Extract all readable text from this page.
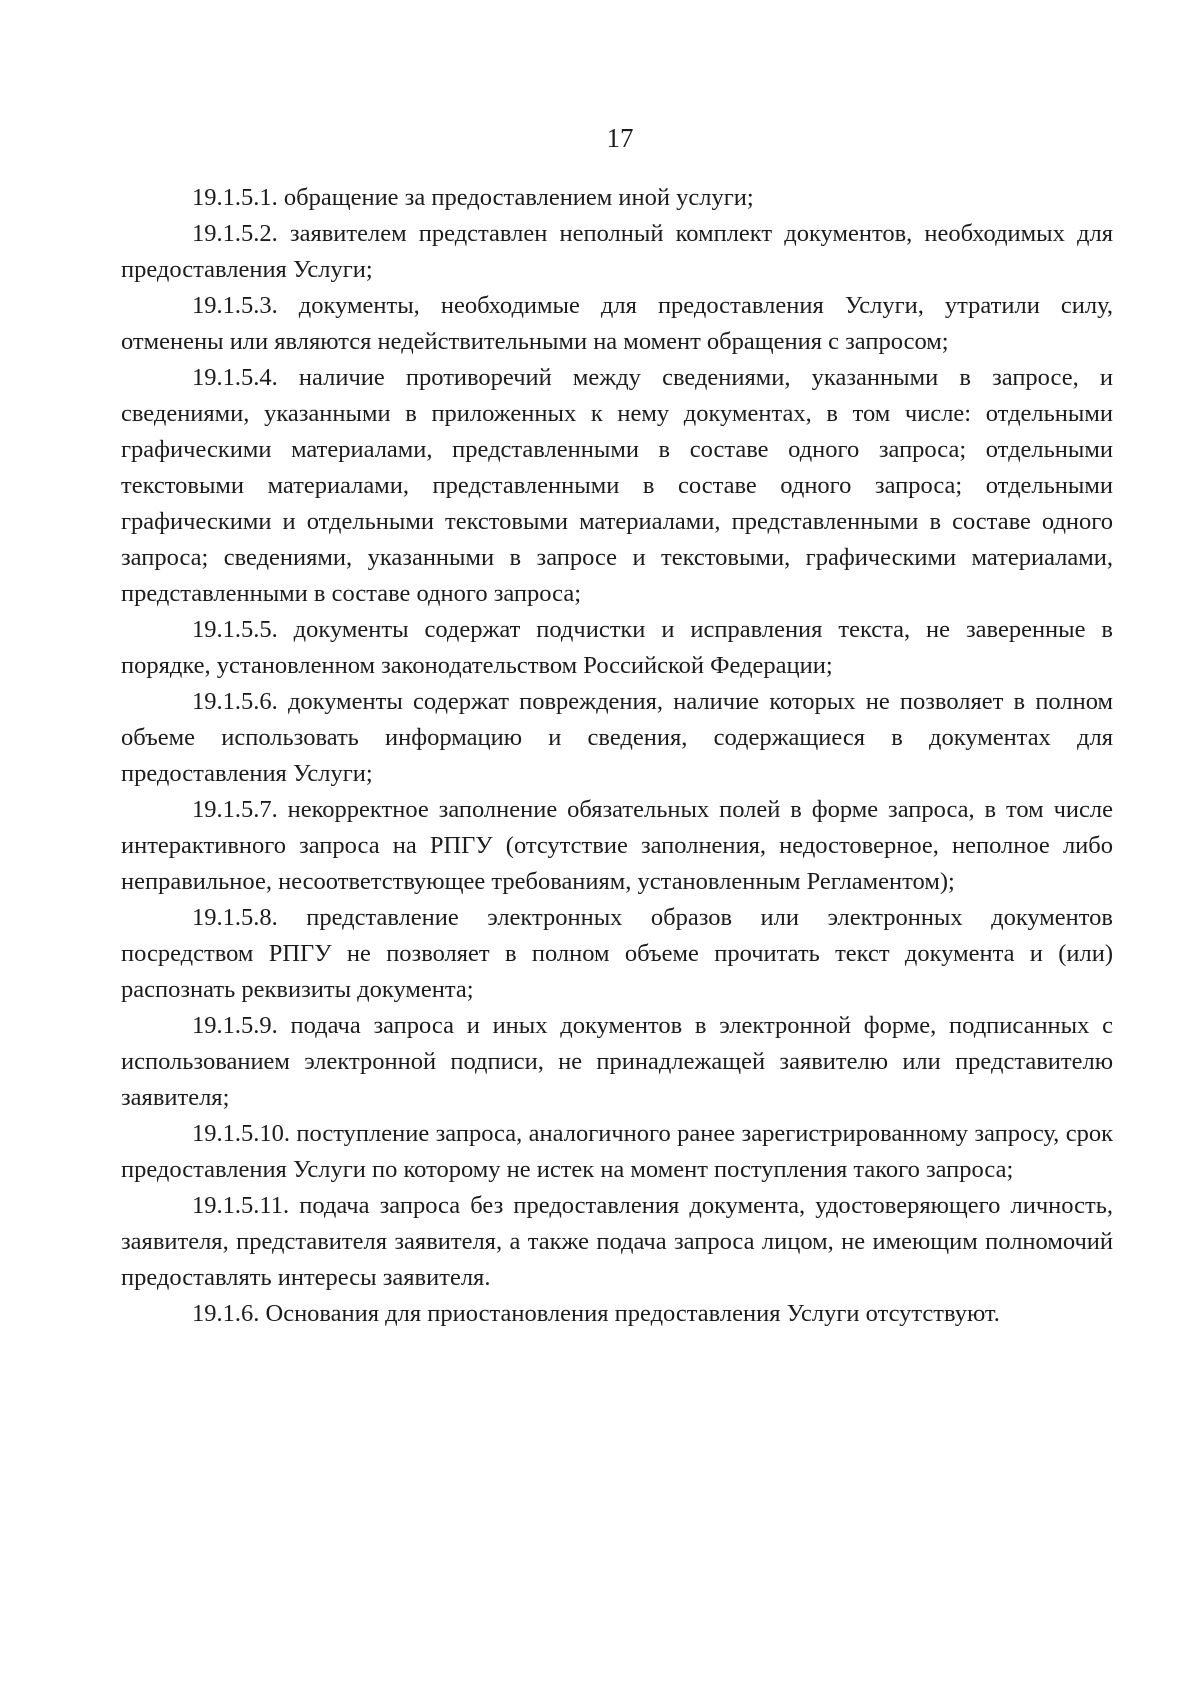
17

19.1.5.1. обращение за предоставлением иной услуги;

19.1.5.2. заявителем представлен неполный комплект документов, необходимых для предоставления Услуги;

19.1.5.3. документы, необходимые для предоставления Услуги, утратили силу, отменены или являются недействительными на момент обращения с запросом;

19.1.5.4. наличие противоречий между сведениями, указанными в запросе, и сведениями, указанными в приложенных к нему документах, в том числе: отдельными графическими материалами, представленными в составе одного запроса; отдельными текстовыми материалами, представленными в составе одного запроса; отдельными графическими и отдельными текстовыми материалами, представленными в составе одного запроса; сведениями, указанными в запросе и текстовыми, графическими материалами, представленными в составе одного запроса;

19.1.5.5. документы содержат подчистки и исправления текста, не заверенные в порядке, установленном законодательством Российской Федерации;

19.1.5.6. документы содержат повреждения, наличие которых не позволяет в полном объеме использовать информацию и сведения, содержащиеся в документах для предоставления Услуги;

19.1.5.7. некорректное заполнение обязательных полей в форме запроса, в том числе интерактивного запроса на РПГУ (отсутствие заполнения, недостоверное, неполное либо неправильное, несоответствующее требованиям, установленным Регламентом);

19.1.5.8. представление электронных образов или электронных документов посредством РПГУ не позволяет в полном объеме прочитать текст документа и (или) распознать реквизиты документа;

19.1.5.9. подача запроса и иных документов в электронной форме, подписанных с использованием электронной подписи, не принадлежащей заявителю или представителю заявителя;

19.1.5.10. поступление запроса, аналогичного ранее зарегистрированному запросу, срок предоставления Услуги по которому не истек на момент поступления такого запроса;

19.1.5.11. подача запроса без предоставления документа, удостоверяющего личность, заявителя, представителя заявителя, а также подача запроса лицом, не имеющим полномочий предоставлять интересы заявителя.

19.1.6. Основания для приостановления предоставления Услуги отсутствуют.
